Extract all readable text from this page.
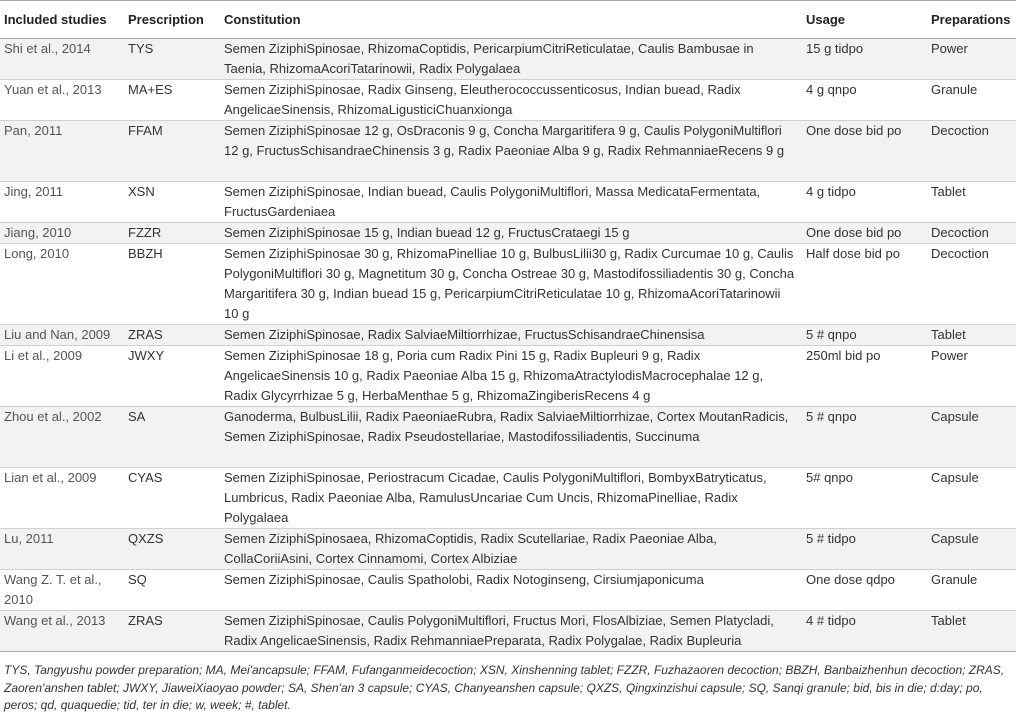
Included studies	Prescription	Constitution	Usage	Preparations
Shi et al., 2014	TYS	Semen ZiziphiSpinosae, RhizomaCoptidis, PericarpiumCitriReticulatae, Caulis Bambusae in Taenia, RhizomaAcoriTatarinowii, Radix Polygalaea	15 g tidpo	Power
Yuan et al., 2013	MA+ES	Semen ZiziphiSpinosae, Radix Ginseng, Eleutherococcussenticosus, Indian buead, Radix AngelicaeSinensis, RhizomaLigusticiChuanxionga	4 g qnpo	Granule
Pan, 2011	FFAM	Semen ZiziphiSpinosae 12 g, OsDraconis 9 g, Concha Margaritifera 9 g, Caulis PolygoniMultiflori 12 g, FructusSchisandraeChinensis 3 g, Radix Paeoniae Alba 9 g, Radix RehmanniaeRecens 9 g	One dose bid po	Decoction
Jing, 2011	XSN	Semen ZiziphiSpinosae, Indian buead, Caulis PolygoniMultiflori, Massa MedicataFermentata, FructusGardeniaea	4 g tidpo	Tablet
Jiang, 2010	FZZR	Semen ZiziphiSpinosae 15 g, Indian buead 12 g, FructusCrataegi 15 g	One dose bid po	Decoction
Long, 2010	BBZH	Semen ZiziphiSpinosae 30 g, RhizomaPinelliae 10 g, BulbusLilii30 g, Radix Curcumae 10 g, Caulis PolygoniMultiflori 30 g, Magnetitum 30 g, Concha Ostreae 30 g, Mastodifossiliadentis 30 g, Concha Margaritifera 30 g, Indian buead 15 g, PericarpiumCitriReticulatae 10 g, RhizomaAcoriTatarinowii 10 g	Half dose bid po	Decoction
Liu and Nan, 2009	ZRAS	Semen ZiziphiSpinosae, Radix SalviaeMiltiorrhizae, FructusSchisandraeChinensisa	5 # qnpo	Tablet
Li et al., 2009	JWXY	Semen ZiziphiSpinosae 18 g, Poria cum Radix Pini 15 g, Radix Bupleuri 9 g, Radix AngelicaeSinensis 10 g, Radix Paeoniae Alba 15 g, RhizomaAtractylodisMacrocephalae 12 g, Radix Glycyrrhizae 5 g, HerbaMenthae 5 g, RhizomaZingiberisRecens 4 g	250ml bid po	Power
Zhou et al., 2002	SA	Ganoderma, BulbusLilii, Radix PaeoniaeRubra, Radix SalviaeMiltiorrhizae, Cortex MoutanRadicis, Semen ZiziphiSpinosae, Radix Pseudostellariae, Mastodifossiliadentis, Succinuma	5 # qnpo	Capsule
Lian et al., 2009	CYAS	Semen ZiziphiSpinosae, Periostracum Cicadae, Caulis PolygoniMultiflori, BombyxBatryticatus, Lumbricus, Radix Paeoniae Alba, RamulusUncariae Cum Uncis, RhizomaPinelliae, Radix Polygalaea	5# qnpo	Capsule
Lu, 2011	QXZS	Semen ZiziphiSpinosaea, RhizomaCoptidis, Radix Scutellariae, Radix Paeoniae Alba, CollaCoriiAsini, Cortex Cinnamomi, Cortex Albiziae	5 # tidpo	Capsule
Wang Z. T. et al., 2010	SQ	Semen ZiziphiSpinosae, Caulis Spatholobi, Radix Notoginseng, Cirsiumjaponicuma	One dose qdpo	Granule
Wang et al., 2013	ZRAS	Semen ZiziphiSpinosae, Caulis PolygoniMultiflori, Fructus Mori, FlosAlbiziae, Semen Platycladi, Radix AngelicaeSinensis, Radix RehmanniaePreparata, Radix Polygalae, Radix Bupleuria	4 # tidpo	Tablet
TYS, Tangyushu powder preparation; MA, Mei'ancapsule; FFAM, Fufanganmeidecoction; XSN, Xinshenning tablet; FZZR, Fuzhazaoren decoction; BBZH, Banbaizhenhun decoction; ZRAS, Zaoren'anshen tablet; JWXY, JiaweiXiaoyao powder; SA, Shen'an 3 capsule; CYAS, Chanyeanshen capsule; QXZS, Qingxinzishui capsule; SQ, Sanqi granule; bid, bis in die; d:day; po, peros; qd, quaquedie; tid, ter in die; w, week; #, tablet.
